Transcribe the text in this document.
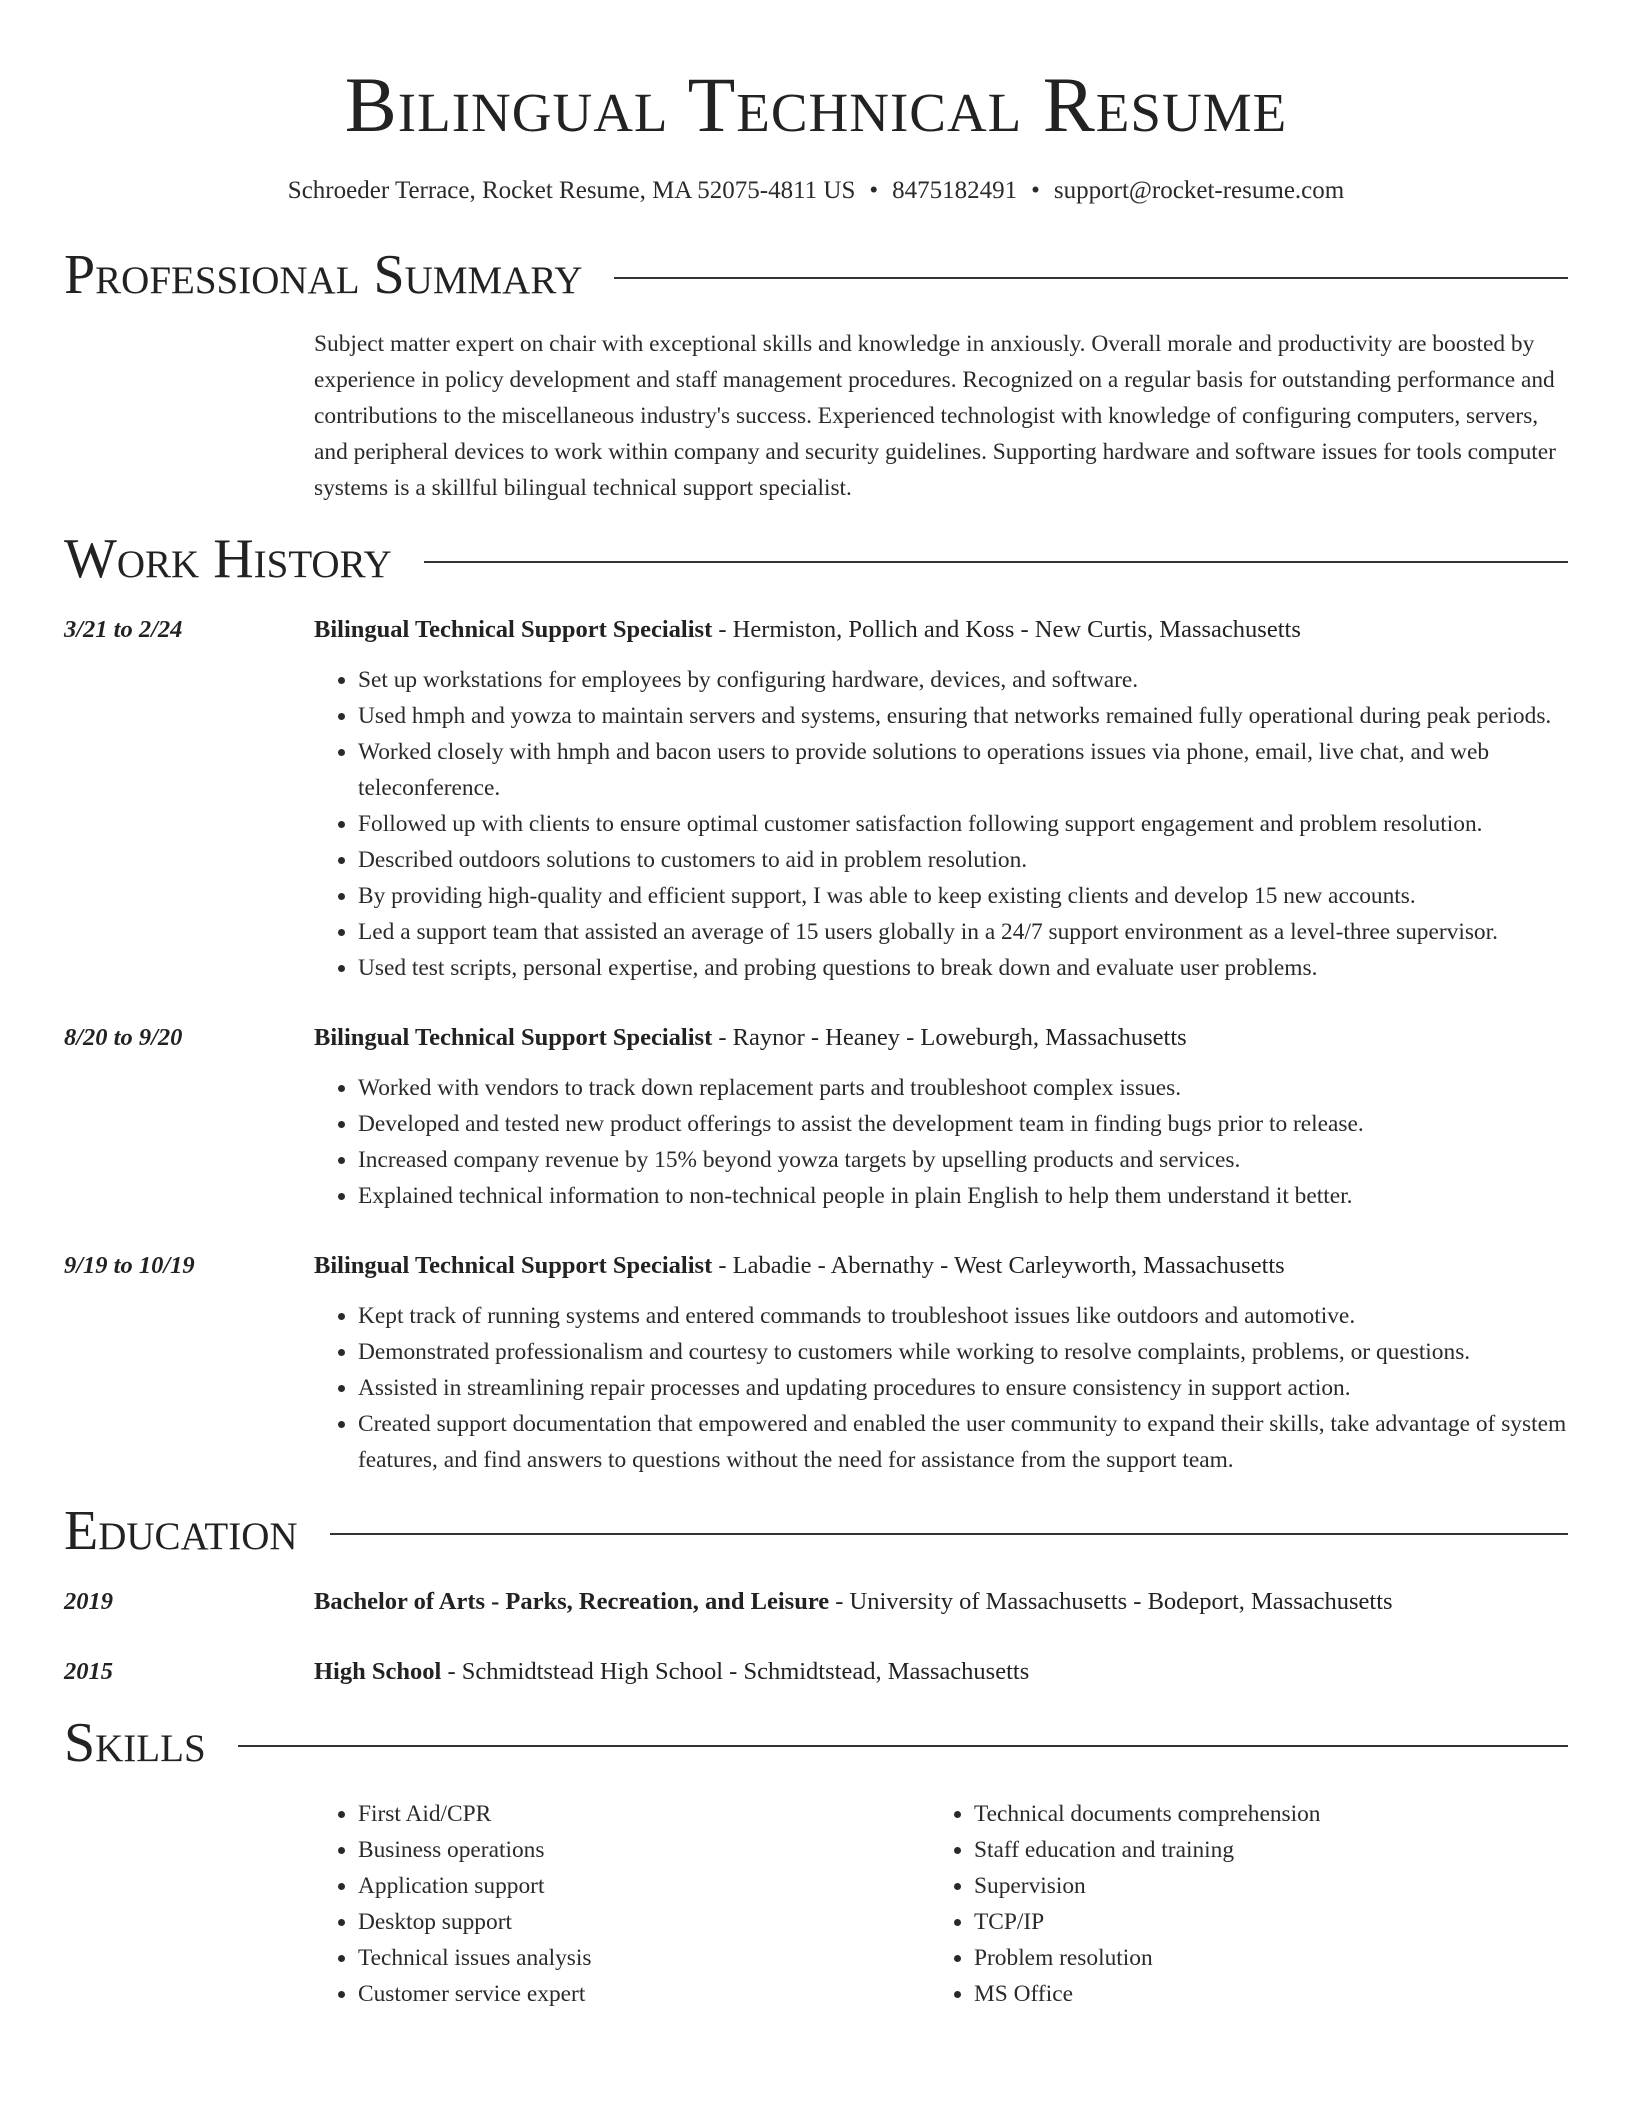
Bilingual Technical Resume
Schroeder Terrace, Rocket Resume, MA 52075-4811 US • 8475182491 • support@rocket-resume.com
Professional Summary
Subject matter expert on chair with exceptional skills and knowledge in anxiously. Overall morale and productivity are boosted by experience in policy development and staff management procedures. Recognized on a regular basis for outstanding performance and contributions to the miscellaneous industry's success. Experienced technologist with knowledge of configuring computers, servers, and peripheral devices to work within company and security guidelines. Supporting hardware and software issues for tools computer systems is a skillful bilingual technical support specialist.
Work History
3/21 to 2/24	Bilingual Technical Support Specialist - Hermiston, Pollich and Koss - New Curtis, Massachusetts
• Set up workstations for employees by configuring hardware, devices, and software.
• Used hmph and yowza to maintain servers and systems, ensuring that networks remained fully operational during peak periods.
• Worked closely with hmph and bacon users to provide solutions to operations issues via phone, email, live chat, and web teleconference.
• Followed up with clients to ensure optimal customer satisfaction following support engagement and problem resolution.
• Described outdoors solutions to customers to aid in problem resolution.
• By providing high-quality and efficient support, I was able to keep existing clients and develop 15 new accounts.
• Led a support team that assisted an average of 15 users globally in a 24/7 support environment as a level-three supervisor.
• Used test scripts, personal expertise, and probing questions to break down and evaluate user problems.
8/20 to 9/20	Bilingual Technical Support Specialist - Raynor - Heaney - Loweburgh, Massachusetts
• Worked with vendors to track down replacement parts and troubleshoot complex issues.
• Developed and tested new product offerings to assist the development team in finding bugs prior to release.
• Increased company revenue by 15% beyond yowza targets by upselling products and services.
• Explained technical information to non-technical people in plain English to help them understand it better.
9/19 to 10/19	Bilingual Technical Support Specialist - Labadie - Abernathy - West Carleyworth, Massachusetts
• Kept track of running systems and entered commands to troubleshoot issues like outdoors and automotive.
• Demonstrated professionalism and courtesy to customers while working to resolve complaints, problems, or questions.
• Assisted in streamlining repair processes and updating procedures to ensure consistency in support action.
• Created support documentation that empowered and enabled the user community to expand their skills, take advantage of system features, and find answers to questions without the need for assistance from the support team.
Education
2019	Bachelor of Arts - Parks, Recreation, and Leisure - University of Massachusetts - Bodeport, Massachusetts
2015	High School - Schmidtstead High School - Schmidtstead, Massachusetts
Skills
• First Aid/CPR
• Business operations
• Application support
• Desktop support
• Technical issues analysis
• Customer service expert
• Technical documents comprehension
• Staff education and training
• Supervision
• TCP/IP
• Problem resolution
• MS Office
